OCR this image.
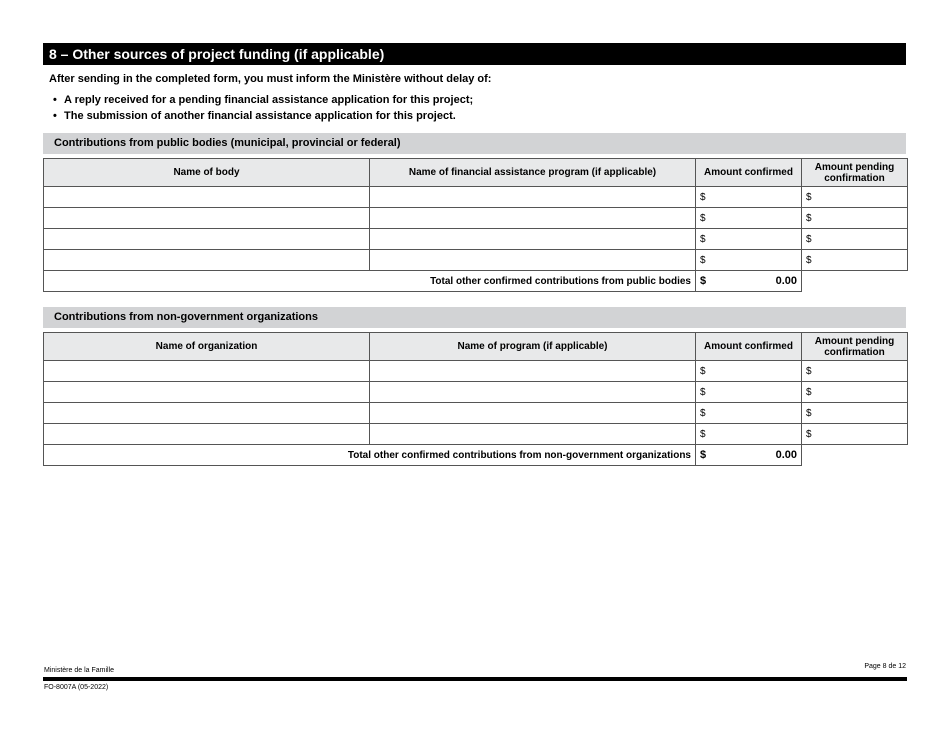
8 – Other sources of project funding (if applicable)
After sending in the completed form, you must inform the Ministère without delay of:
• A reply received for a pending financial assistance application for this project;
• The submission of another financial assistance application for this project.
Contributions from public bodies (municipal, provincial or federal)
Name of body	Name of financial assistance program (if applicable)	Amount confirmed	Amount pending confirmation
		$	$
		$	$
		$	$
		$	$
Total other confirmed contributions from public bodies		$ 0.00	

Contributions from non-government organizations
Name of organization	Name of program (if applicable)	Amount confirmed	Amount pending confirmation
		$	$
		$	$
		$	$
		$	$
Total other confirmed contributions from non-government organizations		$ 0.00	

Ministère de la Famille
Page 8 de 12
FO-8007A (05-2022)
